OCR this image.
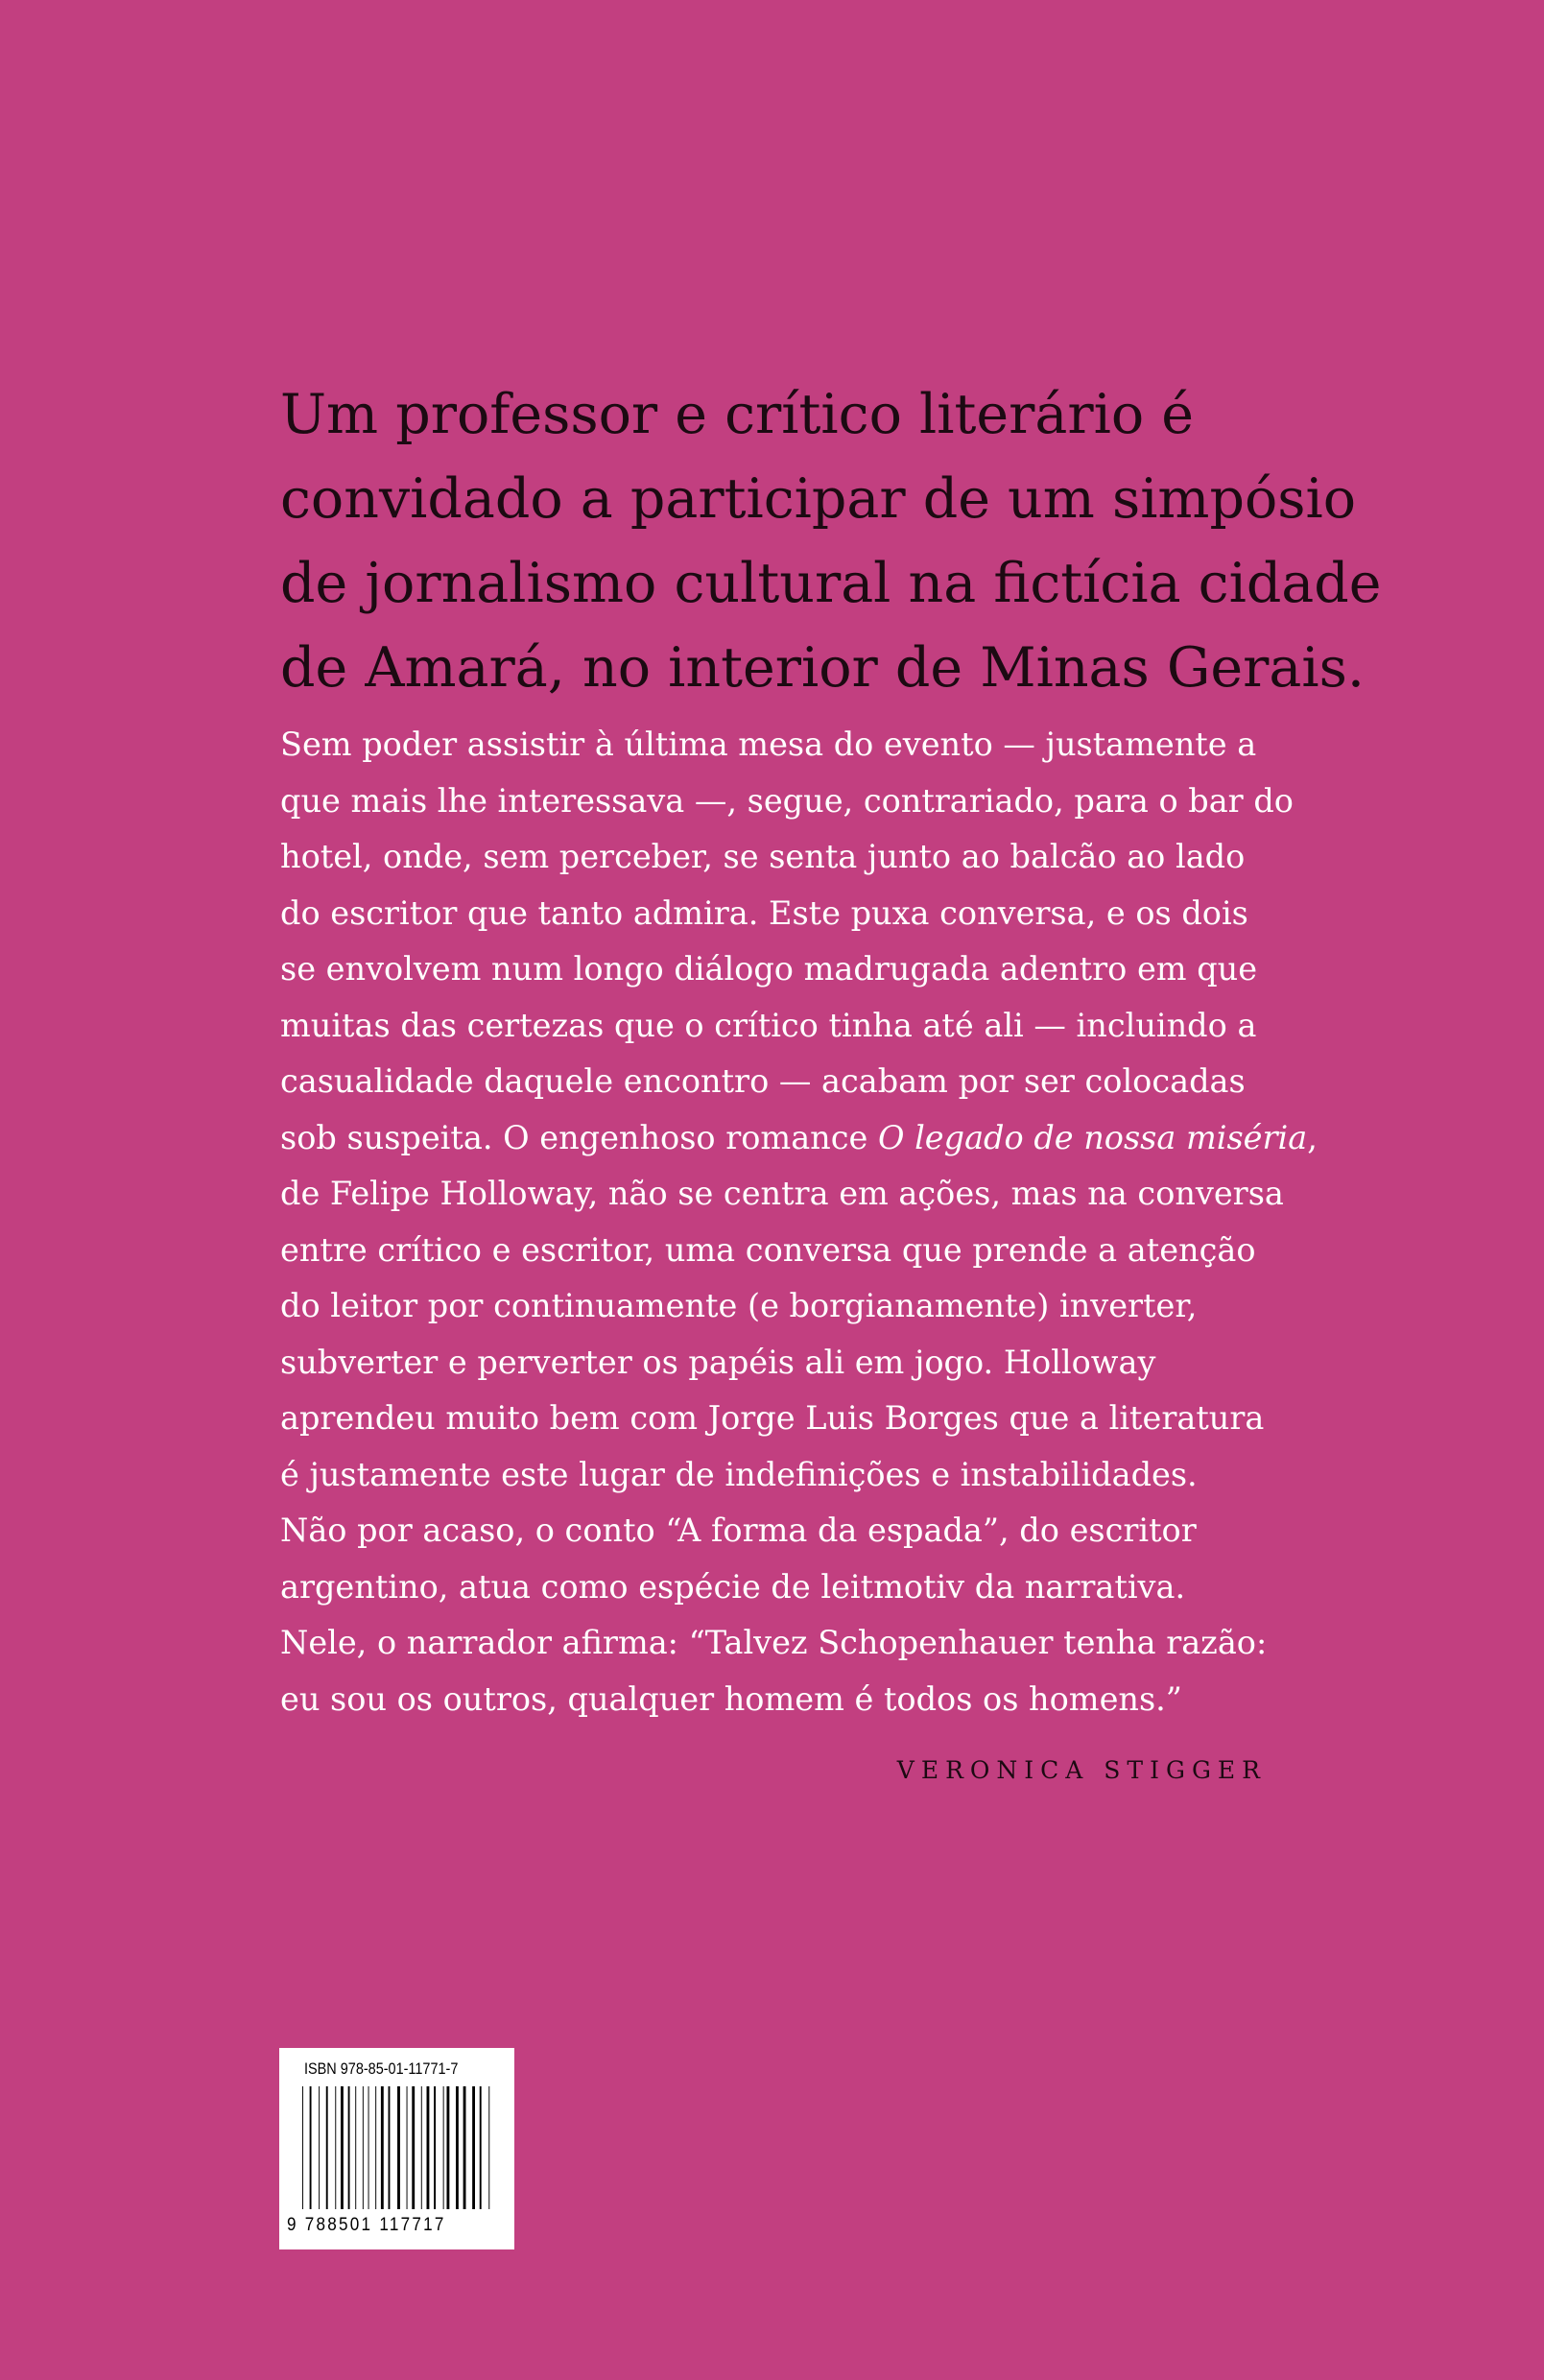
Um professor e crítico literário é
convidado a participar de um simpósio
de jornalismo cultural na fictícia cidade
de Amará, no interior de Minas Gerais.

Sem poder assistir à última mesa do evento — justamente a
que mais lhe interessava —, segue, contrariado, para o bar do
hotel, onde, sem perceber, se senta junto ao balcão ao lado
do escritor que tanto admira. Este puxa conversa, e os dois
se envolvem num longo diálogo madrugada adentro em que
muitas das certezas que o crítico tinha até ali — incluindo a
casualidade daquele encontro — acabam por ser colocadas
sob suspeita. O engenhoso romance O legado de nossa miséria,
de Felipe Holloway, não se centra em ações, mas na conversa
entre crítico e escritor, uma conversa que prende a atenção
do leitor por continuamente (e borgianamente) inverter,
subverter e perverter os papéis ali em jogo. Holloway
aprendeu muito bem com Jorge Luis Borges que a literatura
é justamente este lugar de indefinições e instabilidades.
Não por acaso, o conto “A forma da espada”, do escritor
argentino, atua como espécie de leitmotiv da narrativa.
Nele, o narrador afirma: “Talvez Schopenhauer tenha razão:
eu sou os outros, qualquer homem é todos os homens.”

VERONICA STIGGER
ISBN 978-85-01-11771-7
9 788501 117717
